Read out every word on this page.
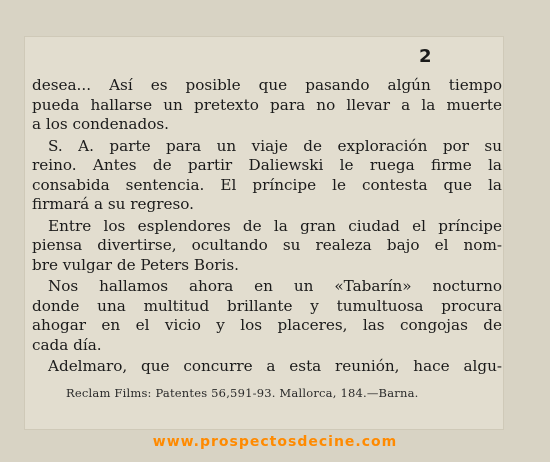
2
desea... Así es posible que pasando algún tiempo
pueda hallarse un pretexto para no llevar a la muerte
a los condenados.
S. A. parte para un viaje de exploración por su
reino. Antes de partir Daliewski le ruega firme la
consabida sentencia. El príncipe le contesta que la
firmará a su regreso.
Entre los esplendores de la gran ciudad el príncipe
piensa divertirse, ocultando su realeza bajo el nom-
bre vulgar de Peters Boris.
Nos hallamos ahora en un «Tabarín» nocturno
donde una multitud brillante y tumultuosa procura
ahogar en el vicio y los placeres, las congojas de
cada día.
Adelmaro, que concurre a esta reunión, hace algu-
Reclam Films: Patentes 56,591-93. Mallorca, 184.—Barna.
www.prospectosdecine.com
